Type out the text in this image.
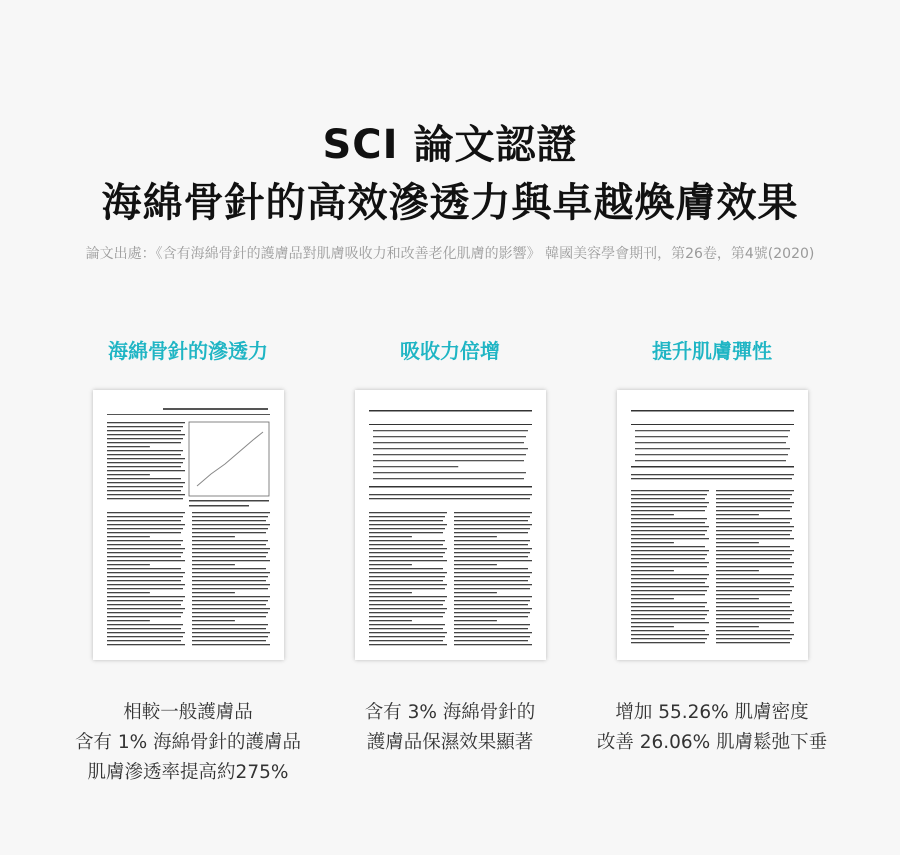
SCI 論文認證
海綿骨針的高效滲透力與卓越煥膚效果
論文出處：《含有海綿骨針的護膚品對肌膚吸收力和改善老化肌膚的影響》 韓國美容學會期刊，第26卷，第4號(2020)
海綿骨針的滲透力
相較一般護膚品
含有 1% 海綿骨針的護膚品
肌膚滲透率提高約275%
吸收力倍增
含有 3% 海綿骨針的
護膚品保濕效果顯著
提升肌膚彈性
增加 55.26% 肌膚密度
改善 26.06% 肌膚鬆弛下垂
